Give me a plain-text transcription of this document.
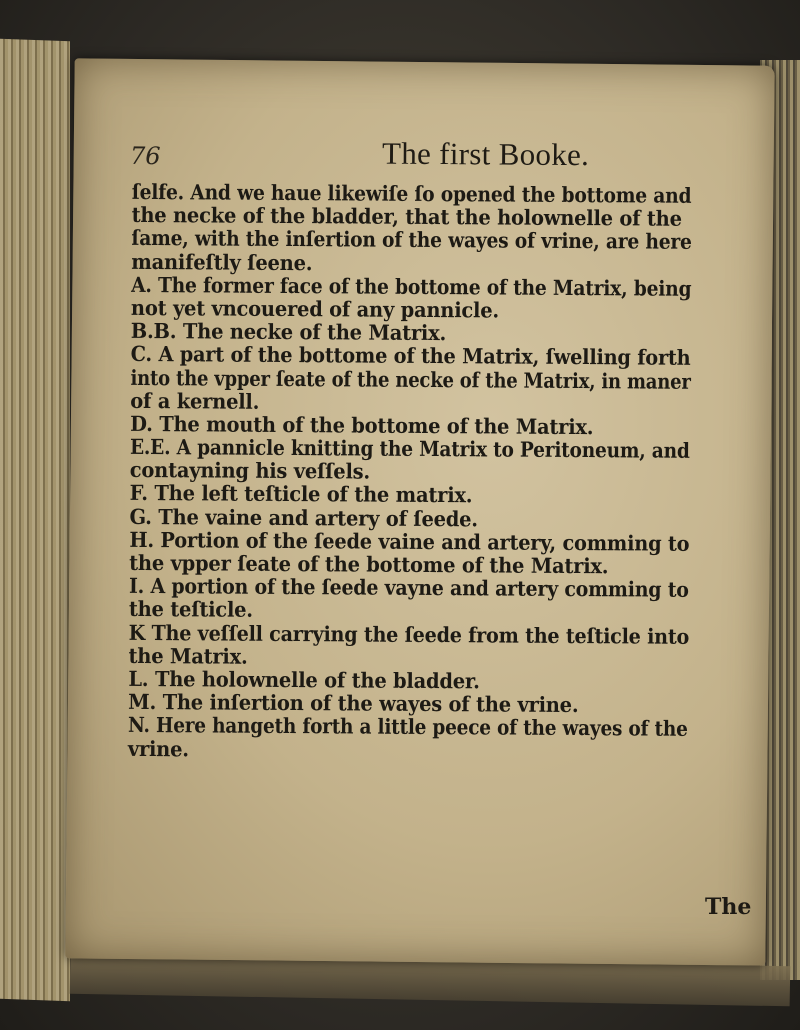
76	The first Booke.
ſelfe. And we haue likewiſe ſo opened the bottome and
the necke of the bladder, that the holownelle of the
ſame, with the inſertion of the wayes of vrine, are here
manifeſtly ſeene.
A. The former face of the bottome of the Matrix, being
not yet vncouered of any pannicle.
B.B. The necke of the Matrix.
C. A part of the bottome of the Matrix, ſwelling forth
into the vpper ſeate of the necke of the Matrix, in maner
of a kernell.
D. The mouth of the bottome of the Matrix.
E.E. A pannicle knitting the Matrix to Peritoneum, and
contayning his veſſels.
F. The left teſticle of the matrix.
G. The vaine and artery of ſeede.
H. Portion of the ſeede vaine and artery, comming to
the vpper ſeate of the bottome of the Matrix.
I. A portion of the ſeede vayne and artery comming to
the teſticle.
K The veſſell carrying the ſeede from the teſticle into
the Matrix.
L. The holownelle of the bladder.
M. The inſertion of the wayes of the vrine.
N. Here hangeth forth a little peece of the wayes of the
vrine.
The
